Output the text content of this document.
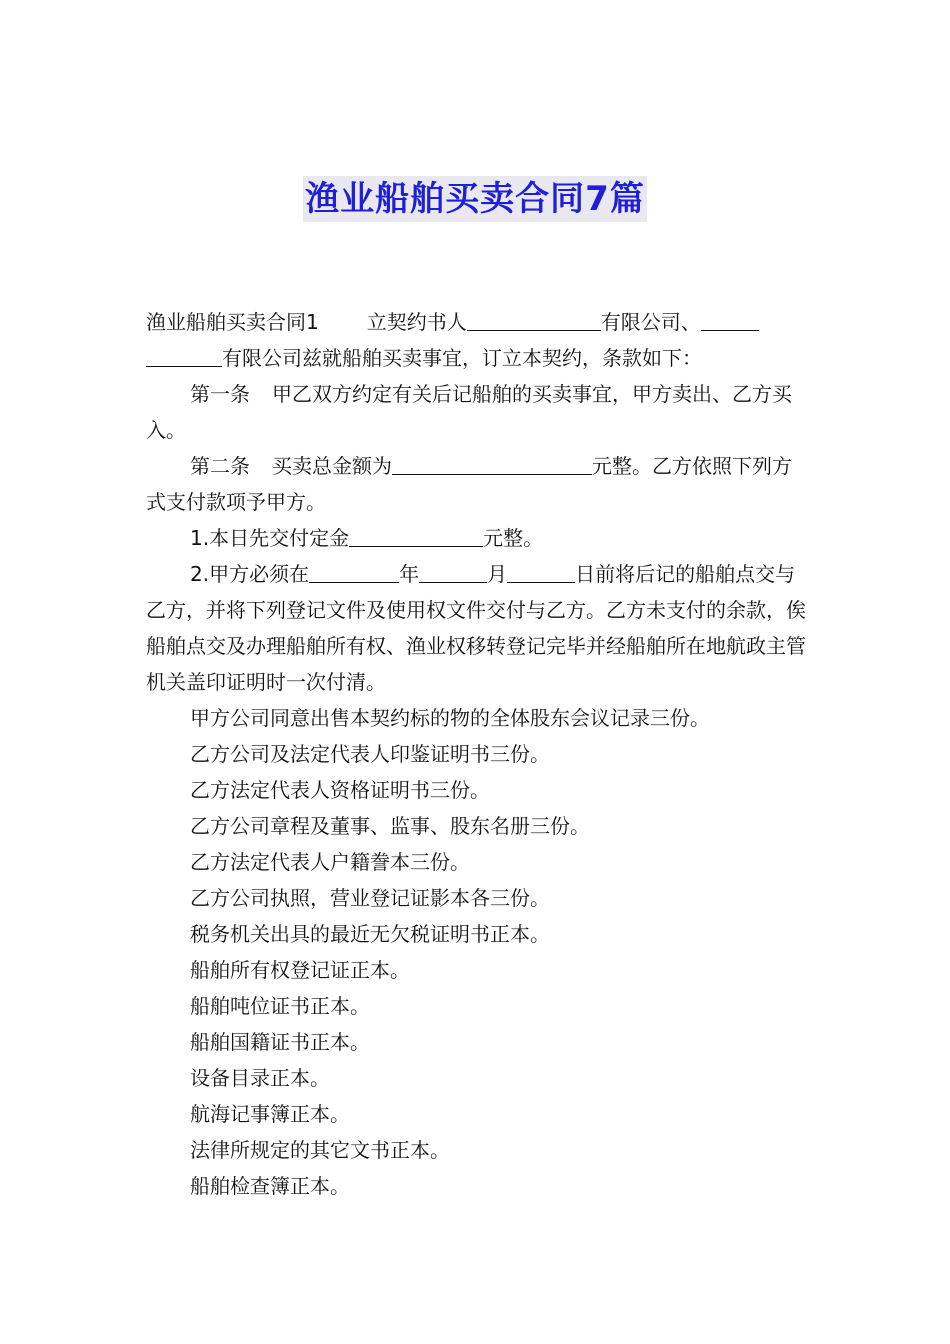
渔业船舶买卖合同7篇

渔业船舶买卖合同1 立契约书人	有限公司、
有限公司兹就船舶买卖事宜，订立本契约，条款如下：

第一条 甲乙双方约定有关后记船舶的买卖事宜，甲方卖出、乙方买入。

第二条 买卖总金额为	元整。乙方依照下列方式支付款项予甲方。

1.本日先交付定金	元整。

2.甲方必须在	年	月	日前将后记的船舶点交与乙方，并将下列登记文件及使用权文件交付与乙方。乙方未支付的余款，俟船舶点交及办理船舶所有权、渔业权移转登记完毕并经船舶所在地航政主管机关盖印证明时一次付清。

甲方公司同意出售本契约标的物的全体股东会议记录三份。

乙方公司及法定代表人印鉴证明书三份。

乙方法定代表人资格证明书三份。

乙方公司章程及董事、监事、股东名册三份。

乙方法定代表人户籍誊本三份。

乙方公司执照，营业登记证影本各三份。

税务机关出具的最近无欠税证明书正本。

船舶所有权登记证正本。

船舶吨位证书正本。

船舶国籍证书正本。

设备目录正本。

航海记事簿正本。

法律所规定的其它文书正本。

船舶检查簿正本。
